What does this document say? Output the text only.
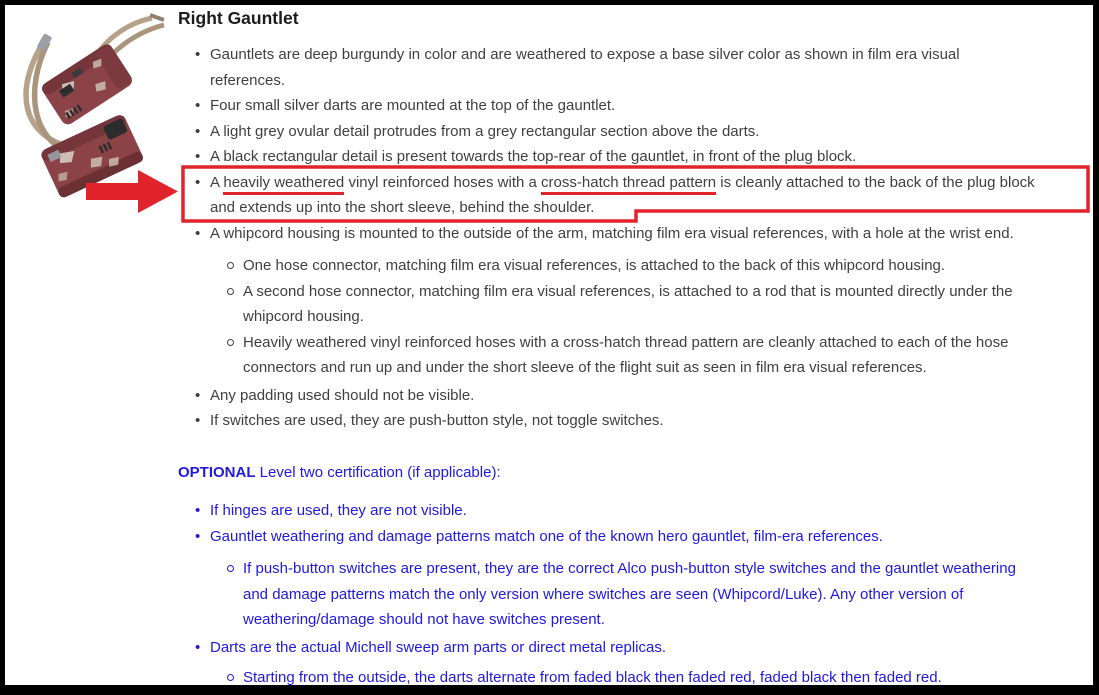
Right Gauntlet
•
Gauntlets are deep burgundy in color and are weathered to expose a base silver color as shown in film era visual
references.
•
Four small silver darts are mounted at the top of the gauntlet.
•
A light grey ovular detail protrudes from a grey rectangular section above the darts.
•
A black rectangular detail is present towards the top-rear of the gauntlet, in front of the plug block.
•
A heavily weathered vinyl reinforced hoses with a cross-hatch thread pattern is cleanly attached to the back of the plug block
and extends up into the short sleeve, behind the shoulder.
•
A whipcord housing is mounted to the outside of the arm, matching film era visual references, with a hole at the wrist end.
One hose connector, matching film era visual references, is attached to the back of this whipcord housing.
A second hose connector, matching film era visual references, is attached to a rod that is mounted directly under the
whipcord housing.
Heavily weathered vinyl reinforced hoses with a cross-hatch thread pattern are cleanly attached to each of the hose
connectors and run up and under the short sleeve of the flight suit as seen in film era visual references.
•
Any padding used should not be visible.
•
If switches are used, they are push-button style, not toggle switches.
OPTIONAL Level two certification (if applicable):
•
If hinges are used, they are not visible.
•
Gauntlet weathering and damage patterns match one of the known hero gauntlet, film-era references.
If push-button switches are present, they are the correct Alco push-button style switches and the gauntlet weathering
and damage patterns match the only version where switches are seen (Whipcord/Luke). Any other version of
weathering/damage should not have switches present.
•
Darts are the actual Michell sweep arm parts or direct metal replicas.
Starting from the outside, the darts alternate from faded black then faded red, faded black then faded red.
